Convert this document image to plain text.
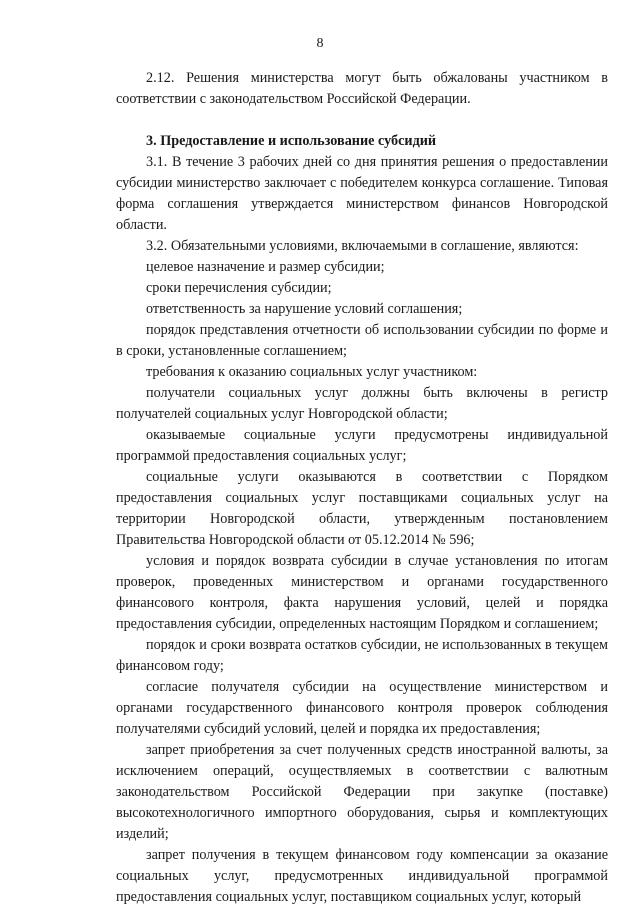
8

2.12. Решения министерства могут быть обжалованы участником в соответствии с законодательством Российской Федерации.

3. Предоставление и использование субсидий

3.1. В течение 3 рабочих дней со дня принятия решения о предоставлении субсидии министерство заключает с победителем конкурса соглашение. Типовая форма соглашения утверждается министерством финансов Новгородской области.

3.2. Обязательными условиями, включаемыми в соглашение, являются:

целевое назначение и размер субсидии;

сроки перечисления субсидии;

ответственность за нарушение условий соглашения;

порядок представления отчетности об использовании субсидии по форме и в сроки, установленные соглашением;

требования к оказанию социальных услуг участником:

получатели социальных услуг должны быть включены в регистр получателей социальных услуг Новгородской области;

оказываемые социальные услуги предусмотрены индивидуальной программой предоставления социальных услуг;

социальные услуги оказываются в соответствии с Порядком предоставления социальных услуг поставщиками социальных услуг на территории Новгородской области, утвержденным постановлением Правительства Новгородской области от 05.12.2014 № 596;

условия и порядок возврата субсидии в случае установления по итогам проверок, проведенных министерством и органами государственного финансового контроля, факта нарушения условий, целей и порядка предоставления субсидии, определенных настоящим Порядком и соглашением;

порядок и сроки возврата остатков субсидии, не использованных в текущем финансовом году;

согласие получателя субсидии на осуществление министерством и органами государственного финансового контроля проверок соблюдения получателями субсидий условий, целей и порядка их предоставления;

запрет приобретения за счет полученных средств иностранной валюты, за исключением операций, осуществляемых в соответствии с валютным законодательством Российской Федерации при закупке (поставке) высокотехнологичного импортного оборудования, сырья и комплектующих изделий;

запрет получения в текущем финансовом году компенсации за оказание социальных услуг, предусмотренных индивидуальной программой предоставления социальных услуг, поставщиком социальных услуг, который
